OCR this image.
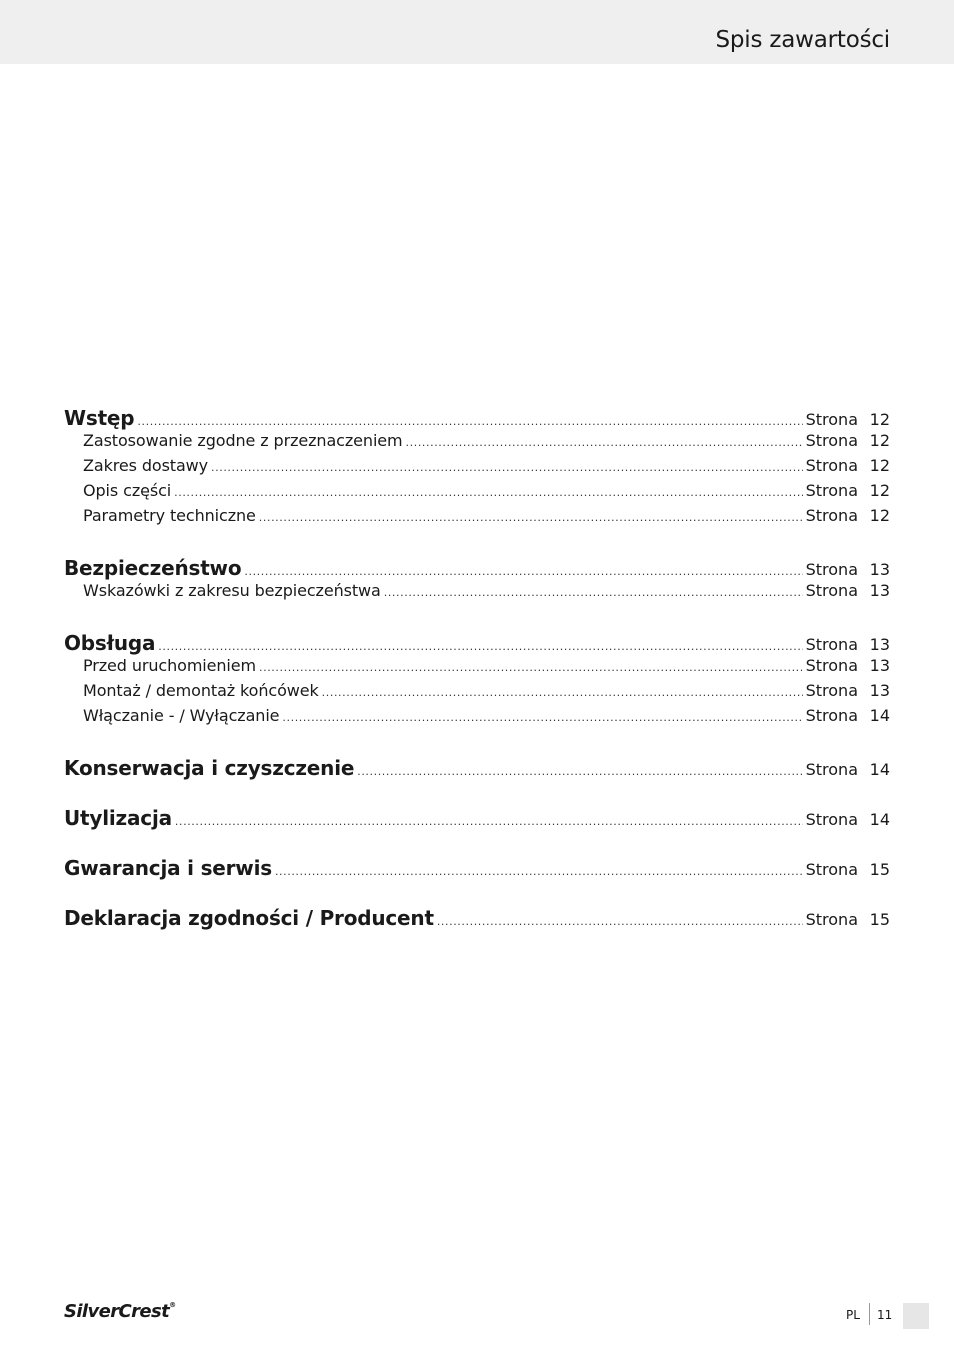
Spis zawartości
Wstęp .....	Strona 12
Zastosowanie zgodne z przeznaczeniem .....	Strona 12
Zakres dostawy .....	Strona 12
Opis części .....	Strona 12
Parametry techniczne .....	Strona 12
Bezpieczeństwo .....	Strona 13
Wskazówki z zakresu bezpieczeństwa .....	Strona 13
Obsługa .....	Strona 13
Przed uruchomieniem .....	Strona 13
Montaż / demontaż końcówek .....	Strona 13
Włączanie - / Wyłączanie .....	Strona 14
Konserwacja i czyszczenie .....	Strona 14
Utylizacja .....	Strona 14
Gwarancja i serwis .....	Strona 15
Deklaracja zgodności / Producent .....	Strona 15
SilverCrest®
PL 11
